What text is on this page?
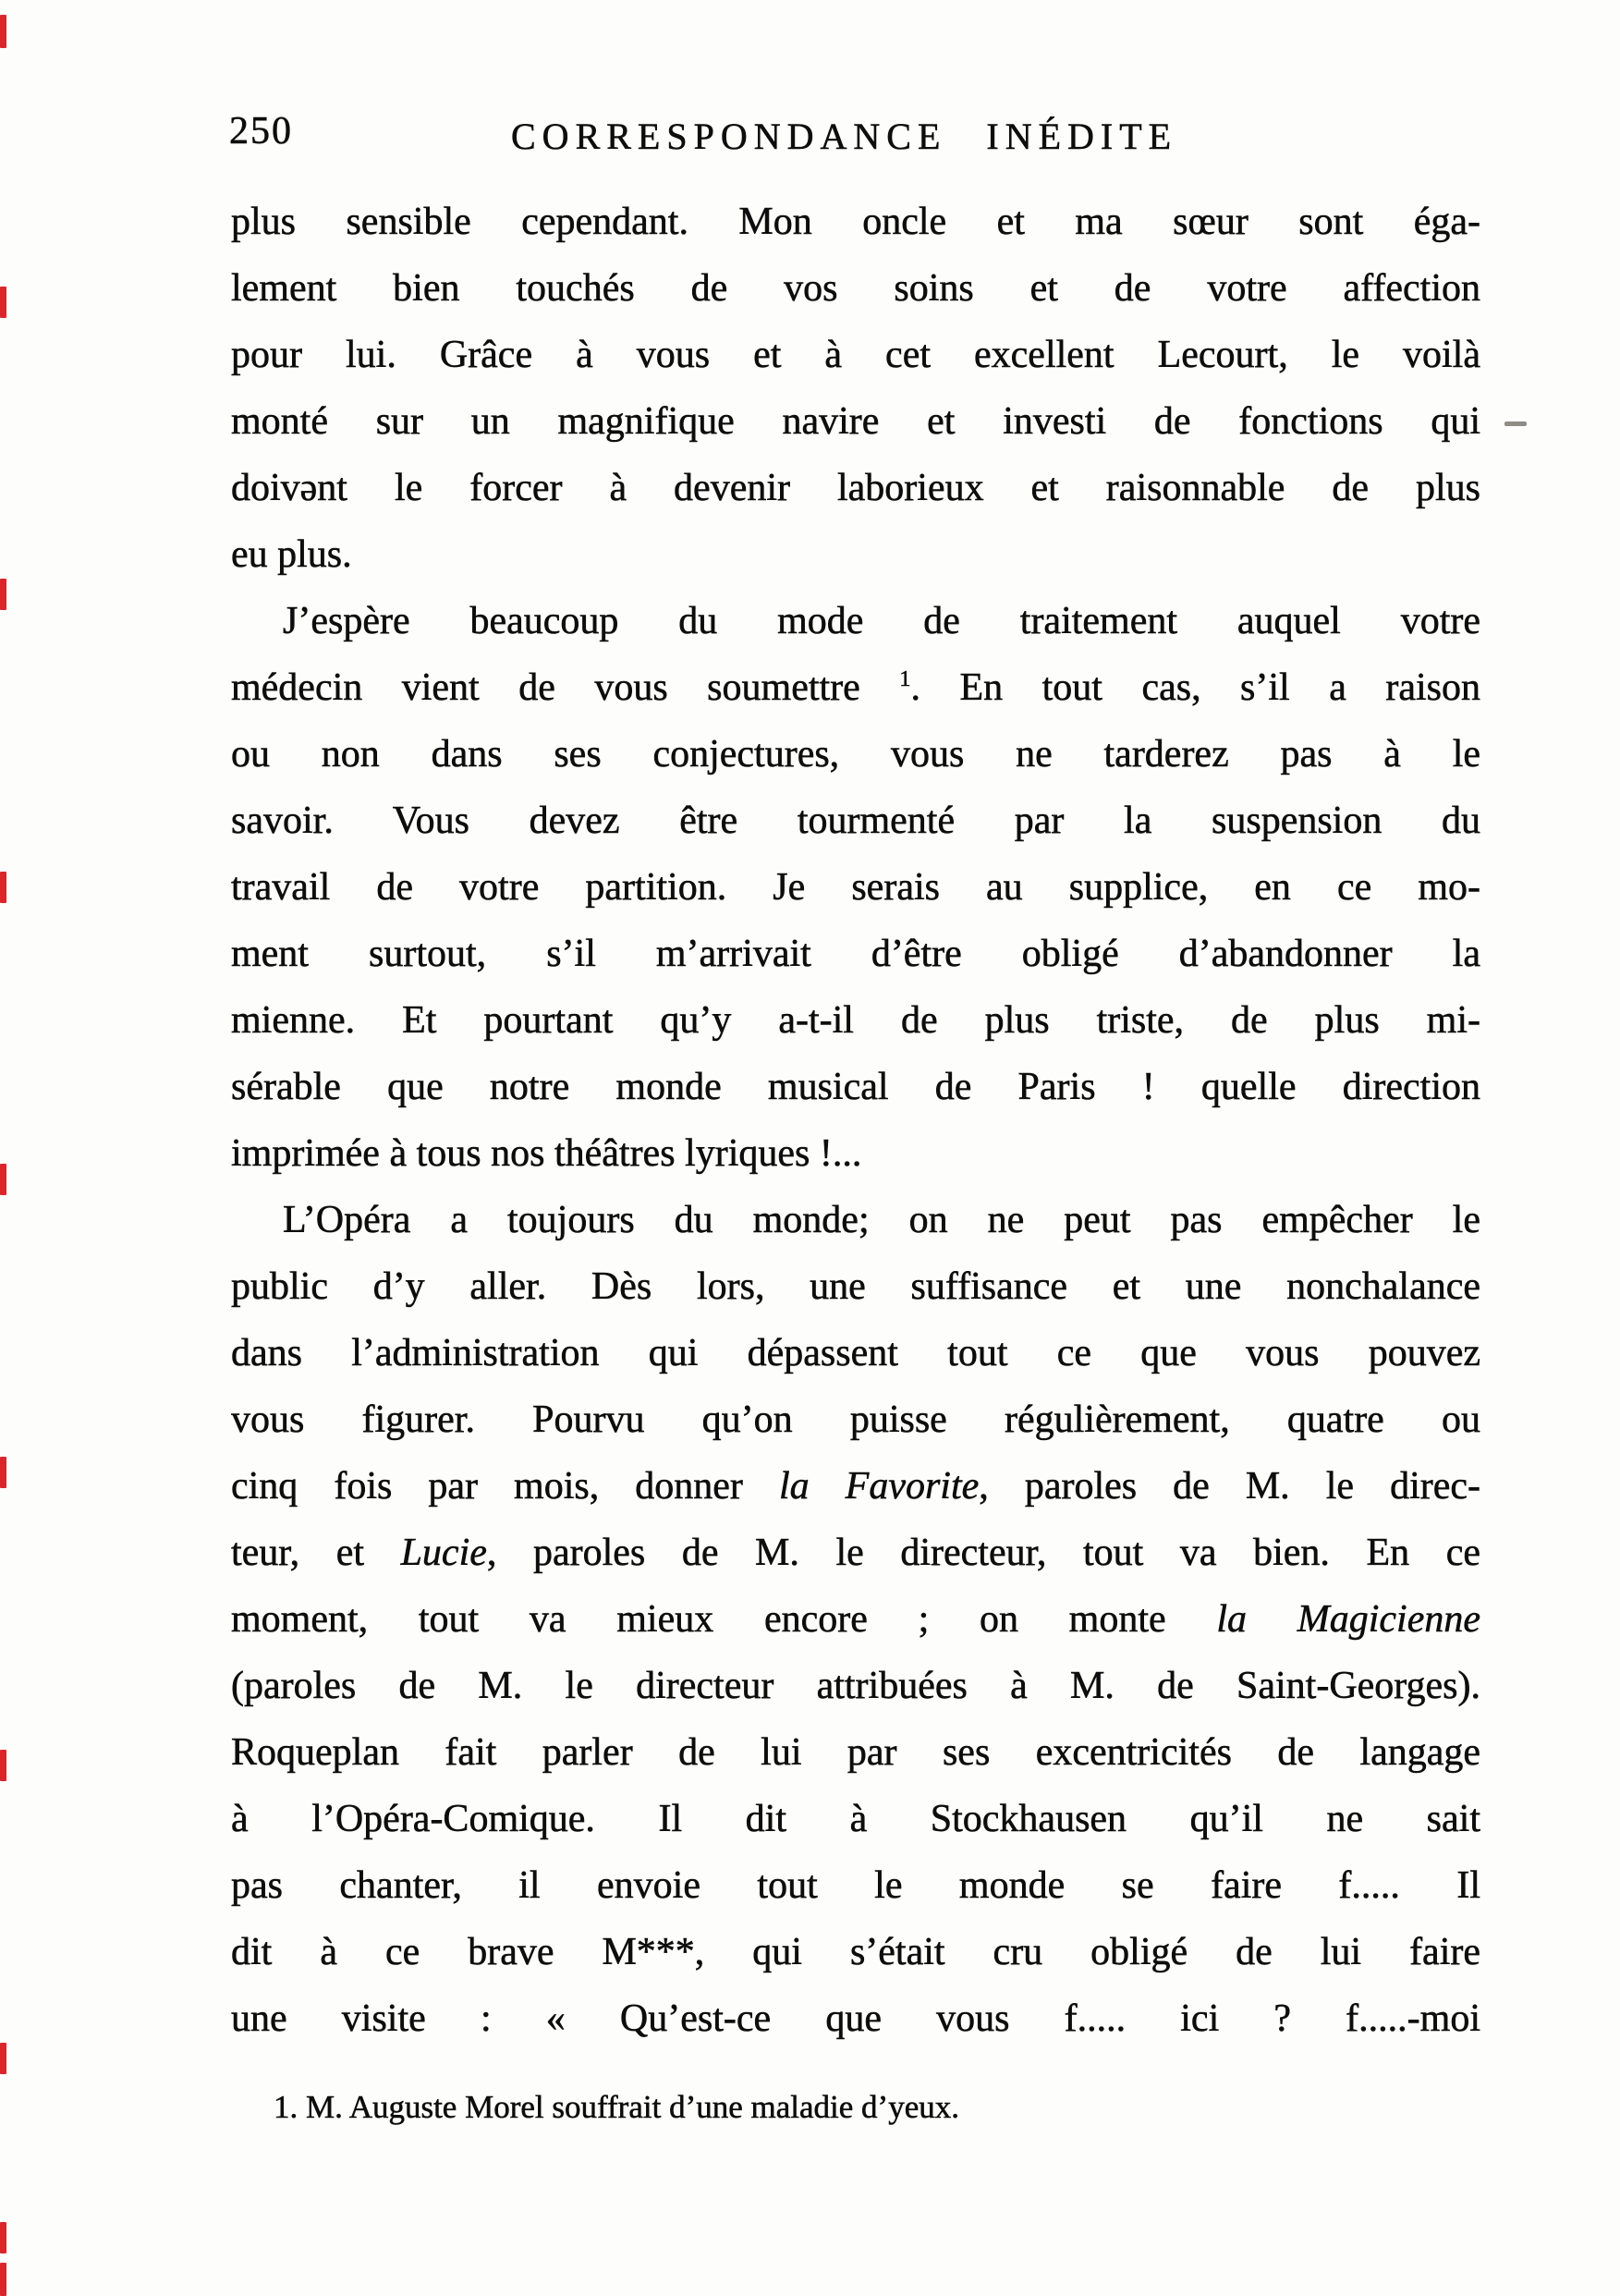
250	CORRESPONDANCE INÉDITE
plus sensible cependant. Mon oncle et ma sœur sont éga-
lement bien touchés de vos soins et de votre affection
pour lui. Grâce à vous et à cet excellent Lecourt, le voilà
monté sur un magnifique navire et investi de fonctions qui
doivənt le forcer à devenir laborieux et raisonnable de plus
eu plus.
J’espère beaucoup du mode de traitement auquel votre
médecin vient de vous soumettre $^1$. En tout cas, s’il a raison
ou non dans ses conjectures, vous ne tarderez pas à le
savoir. Vous devez être tourmenté par la suspension du
travail de votre partition. Je serais au supplice, en ce mo-
ment surtout, s’il m’arrivait d’être obligé d’abandonner la
mienne. Et pourtant qu’y a-t-il de plus triste, de plus mi-
sérable que notre monde musical de Paris ! quelle direction
imprimée à tous nos théâtres lyriques !...
L’Opéra a toujours du monde; on ne peut pas empêcher le
public d’y aller. Dès lors, une suffisance et une nonchalance
dans l’administration qui dépassent tout ce que vous pouvez
vous figurer. Pourvu qu’on puisse régulièrement, quatre ou
cinq fois par mois, donner la Favorite, paroles de M. le direc-
teur, et Lucie, paroles de M. le directeur, tout va bien. En ce
moment, tout va mieux encore ; on monte la Magicienne
(paroles de M. le directeur attribuées à M. de Saint-Georges).
Roqueplan fait parler de lui par ses excentricités de langage
à l’Opéra-Comique. Il dit à Stockhausen qu’il ne sait
pas chanter, il envoie tout le monde se faire f..... Il
dit à ce brave M***, qui s’était cru obligé de lui faire
une visite : « Qu’est-ce que vous f..... ici ? f.....-moi
1. M. Auguste Morel souffrait d’une maladie d’yeux.
